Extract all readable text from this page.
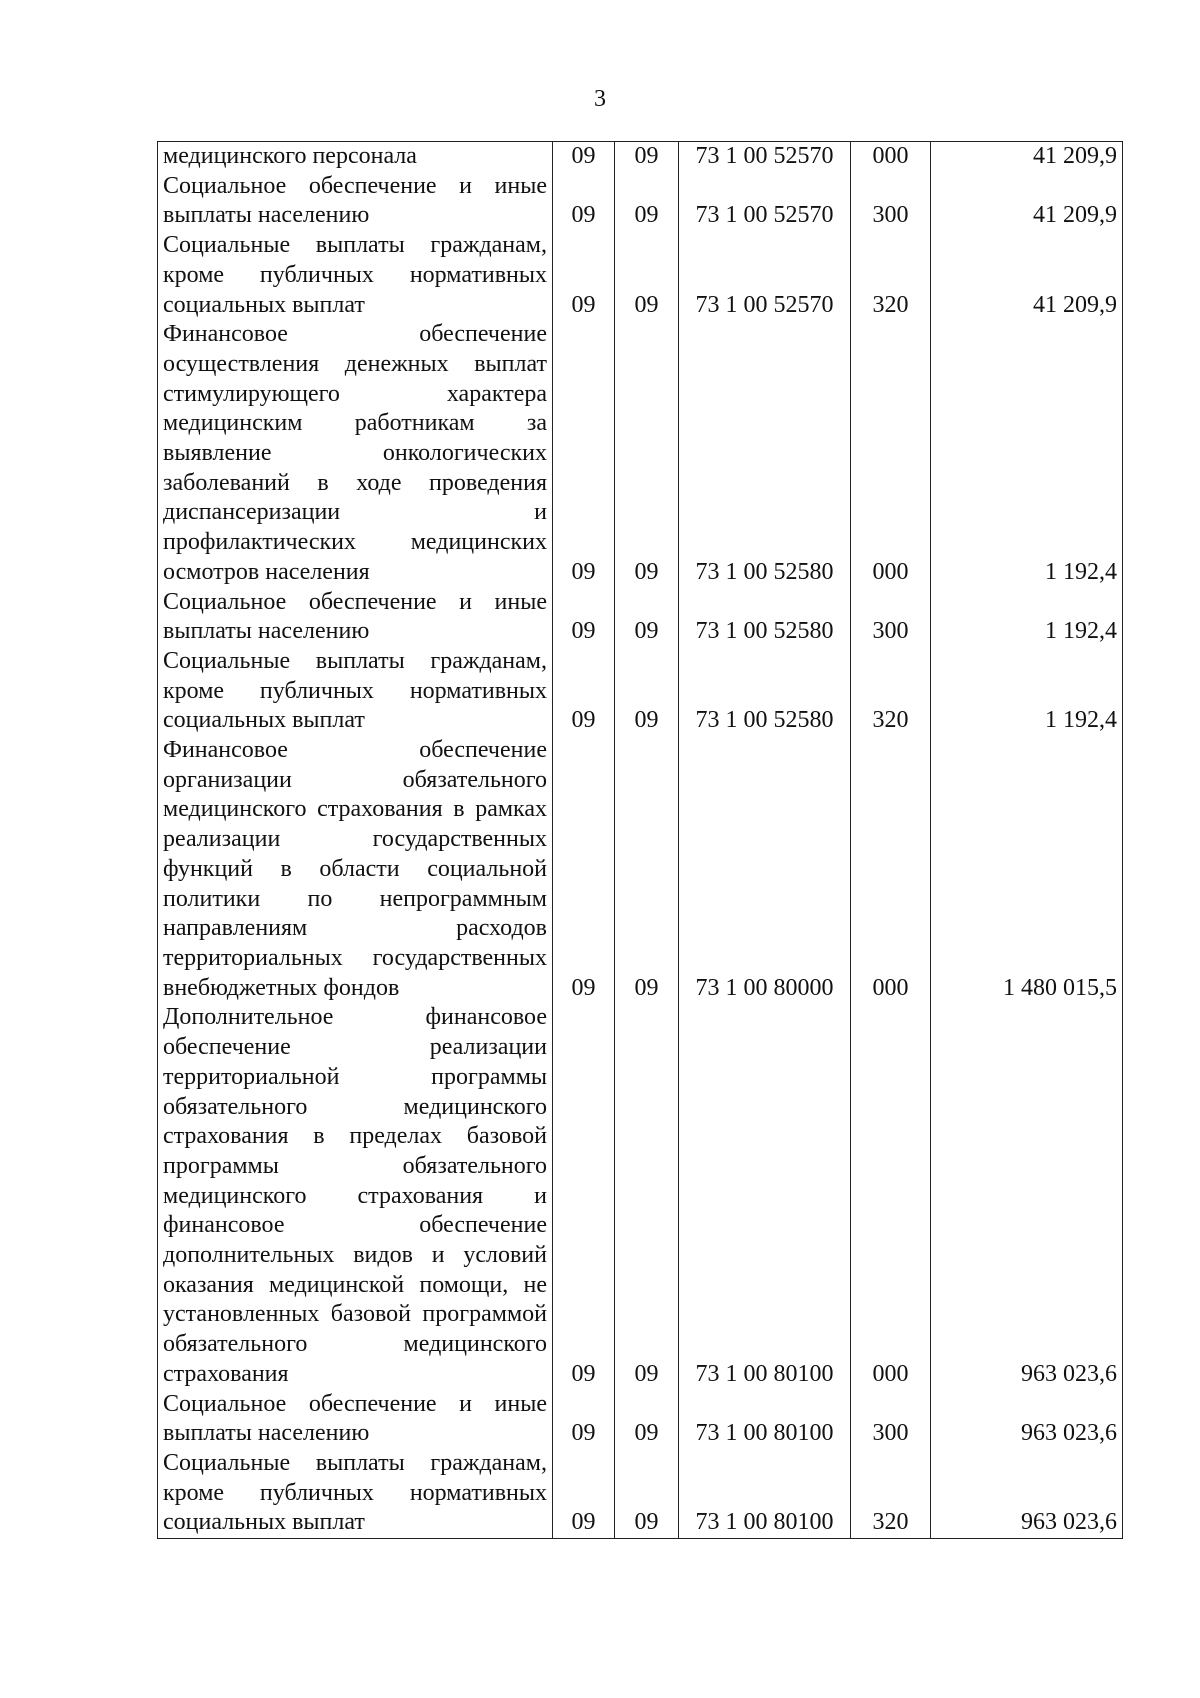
3
медицинского персонала	09	09	73 1 00 52570	000	41 209,9
Социальное обеспечение и иные выплаты населению	09	09	73 1 00 52570	300	41 209,9
Социальные выплаты гражданам, кроме публичных нормативных социальных выплат	09	09	73 1 00 52570	320	41 209,9
Финансовое обеспечение осуществления денежных выплат стимулирующего характера медицинским работникам за выявление онкологических заболеваний в ходе проведения диспансеризации и профилактических медицинских осмотров населения	09	09	73 1 00 52580	000	1 192,4
Социальное обеспечение и иные выплаты населению	09	09	73 1 00 52580	300	1 192,4
Социальные выплаты гражданам, кроме публичных нормативных социальных выплат	09	09	73 1 00 52580	320	1 192,4
Финансовое обеспечение организации обязательного медицинского страхования в рамках реализации государственных функций в области социальной политики по непрограммным направлениям расходов территориальных государственных внебюджетных фондов	09	09	73 1 00 80000	000	1 480 015,5
Дополнительное финансовое обеспечение реализации территориальной программы обязательного медицинского страхования в пределах базовой программы обязательного медицинского страхования и финансовое обеспечение дополнительных видов и условий оказания медицинской помощи, не установленных базовой программой обязательного медицинского страхования	09	09	73 1 00 80100	000	963 023,6
Социальное обеспечение и иные выплаты населению	09	09	73 1 00 80100	300	963 023,6
Социальные выплаты гражданам, кроме публичных нормативных социальных выплат	09	09	73 1 00 80100	320	963 023,6
